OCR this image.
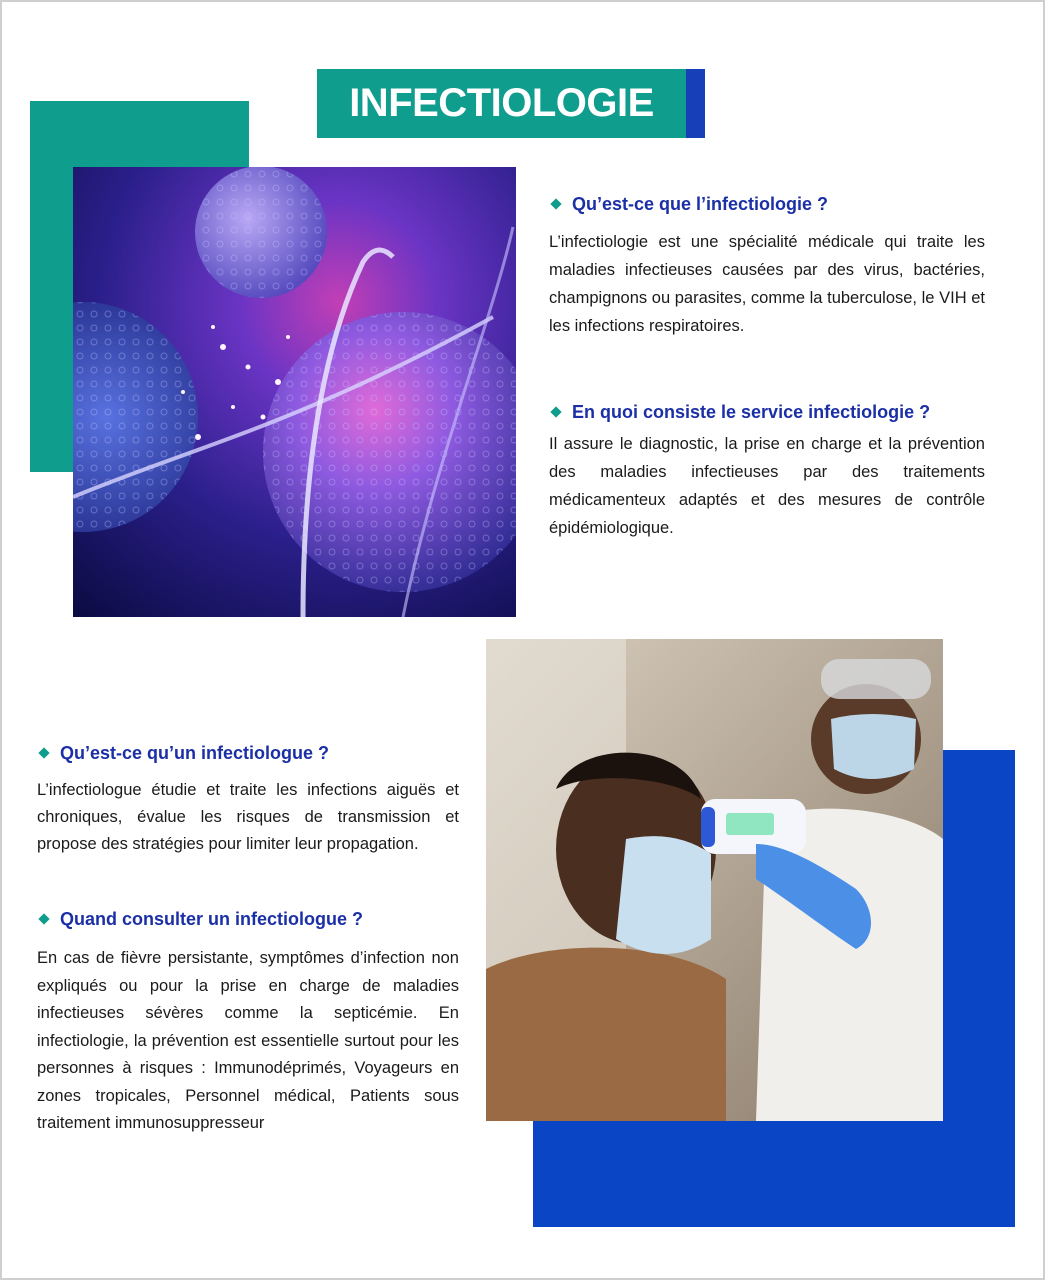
INFECTIOLOGIE
Qu’est-ce que l’infectiologie ?

L’infectiologie est une spécialité médicale qui traite les maladies infectieuses causées par des virus, bactéries, champignons ou parasites, comme la tuberculose, le VIH et les infections respiratoires.

En quoi consiste le service infectiologie ?

Il assure le diagnostic, la prise en charge et la prévention des maladies infectieuses par des traitements médicamenteux adaptés et des mesures de contrôle épidémiologique.

Qu’est-ce qu’un infectiologue ?

L’infectiologue étudie et traite les infections aiguës et chroniques, évalue les risques de transmission et propose des stratégies pour limiter leur propagation.

Quand consulter un infectiologue ?

En cas de fièvre persistante, symptômes d’infection non expliqués ou pour la prise en charge de maladies infectieuses sévères comme la septicémie. En infectiologie, la prévention est essentielle surtout pour les personnes à risques : Immunodéprimés, Voyageurs en zones tropicales, Personnel médical, Patients sous traitement immunosuppresseur
